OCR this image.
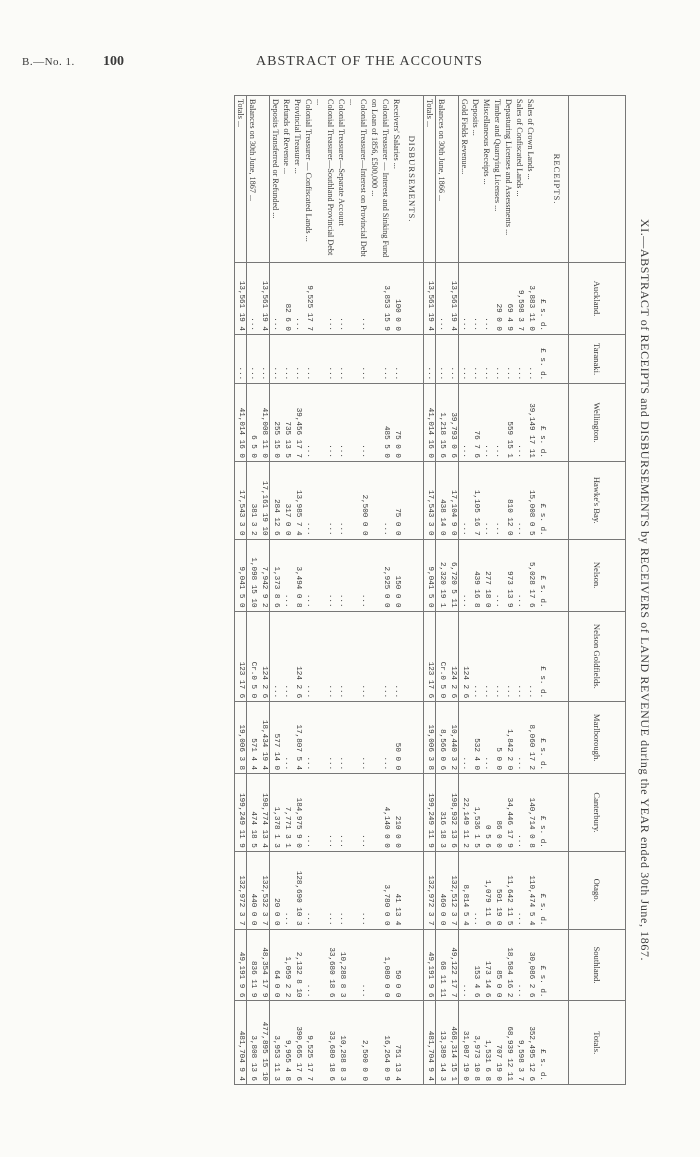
B.—No. 1. 100	ABSTRACT OF THE ACCOUNTS
XI.—ABSTRACT of RECEIPTS and DISBURSEMENTS by RECEIVERS of LAND REVENUE during the YEAR ended 30th June, 1867.
	Auckland.	Taranaki.	Wellington.	Hawke's Bay.	Nelson.	Nelson Goldfields.	Marlborough.	Canterbury.	Otago.	Southland.	Totals.
RECEIPTS.											
	£ s. d.	£ s. d.	£ s. d.	£ s. d.	£ s. d.	£ s. d.	£ s. d.	£ s. d.	£ s. d.	£ s. d.	£ s. d.
Sales of Crown Lands ...	3,883 11 0	...	39,149 17 11	15,008 0 5	5,028 17 6	...	8,060 17 2	140,714 0 8	110,474 5 4	30,086 2 6	352,495 12 6
Sales of Confiscated Lands ...	9,598 3 7	...	...	...	...	...	...	...	...	...	9,598 3 7
Depasturing Licenses and Assessments ...	69 4 9	...	559 15 1	810 12 0	973 13 9	...	1,842 2 0	34,446 17 9	11,642 11 5	18,584 16 2	68,939 12 11
Timber and Quarrying Licenses ...	29 0 0	...	...	...	...	...	5 0 0	86 0 0	501 19 0	85 0 0	707 19 0
Miscellaneous Receipts ...	...	...	...	...	277 18 0	...	...	0 5 6	1,079 11 6	173 14 6	1,531 6 8
Deposits ...	...	...	76 7 6	1,105 16 7	439 16 8	...	532 4 0	1,536 1 5	...	153 4 6	3,973 10 8
Gold Fields Revenue...	...	...	...	...	...	124 2 6	...	22,149 11 2	8,814 5 4	...	31,087 19 0
	13,561 19 4	...	39,793 0 6	17,104 9 0	6,720 5 11	124 2 6	10,440 3 2	198,932 13 6	132,512 3 7	49,122 17 7	468,314 15 1
Balances on 30th June, 1866 ...	...	...	1,218 15 6	438 14 0	2,320 19 1	Cr.0 5 0	8,566 0 6	316 18 3	460 0 0	68 11 11	13,389 14 3
Totals ...	13,561 19 4	...	41,014 16 0	17,543 3 0	9,041 5 0	123 17 6	19,006 3 8	199,249 11 9	132,972 3 7	49,191 9 6	481,704 9 4
DISBURSEMENTS.											
Receivers' Salaries ...	100 0 0	...	75 0 0	75 0 0	150 0 0	...	50 0 0	210 0 0	41 13 4	50 0 0	751 13 4
Colonial Treasurer — Interest and Sinking Fund on Loan of 1856, £500,000 ...	3,853 15 9	...	485 5 0	...	2,925 0 0	...	...	4,140 0 0	3,780 0 0	1,080 0 0	16,264 0 9
Colonial Treasurer—Interest on Provincial Debt ...	...	...	...	2,500 0 0	...	...	...	...	...	...	2,500 0 0
Colonial Treasurer—Separate Account	...	...	...	...	...	...	...	...	...	10,288 8 3	10,288 8 3
Colonial Treasurer—Southland Provincial Debt ...	...	...	...	...	...	...	...	...	...	33,680 18 6	33,680 18 6
Colonial Treasurer — Confiscated Lands ...	9,525 17 7	...	...	...	...	...	...	...	...	...	9,525 17 7
Provincial Treasurer ...	...	...	39,456 17 7	13,985 7 4	3,494 0 8	124 2 6	17,807 5 4	184,975 9 0	128,690 10 3	2,132 8 10	390,665 17 6
Refunds of Revenue ...	82 6 0	...	735 13 5	317 0 0	...	...	...	7,771 3 1	...	1,059 2 2	9,965 4 8
Deposits Transferred or Refunded ...	...	...	255 15 0	284 12 6	1,373 8 6	...	577 14 0	1,378 1 3	20 0 0	64 0 0	3,953 11 3
	13,561 19 4	...	41,008 11 0	17,161 19 10	7,942 9 2	124 2 6	18,434 19 4	198,774 13 4	132,532 3 7	48,354 17 9	477,895 15 10
Balances on 30th June, 1867 ...	...	...	6 5 0	381 3 2	1,098 15 10	Cr.0 5 0	571 4 4	474 18 5	440 0 0	836 11 9	3,808 13 6
Totals ...	13,561 19 4	...	41,014 16 0	17,543 3 0	9,041 5 0	123 17 6	19,006 3 8	199,249 11 9	132,972 3 7	49,191 9 6	481,704 9 4
